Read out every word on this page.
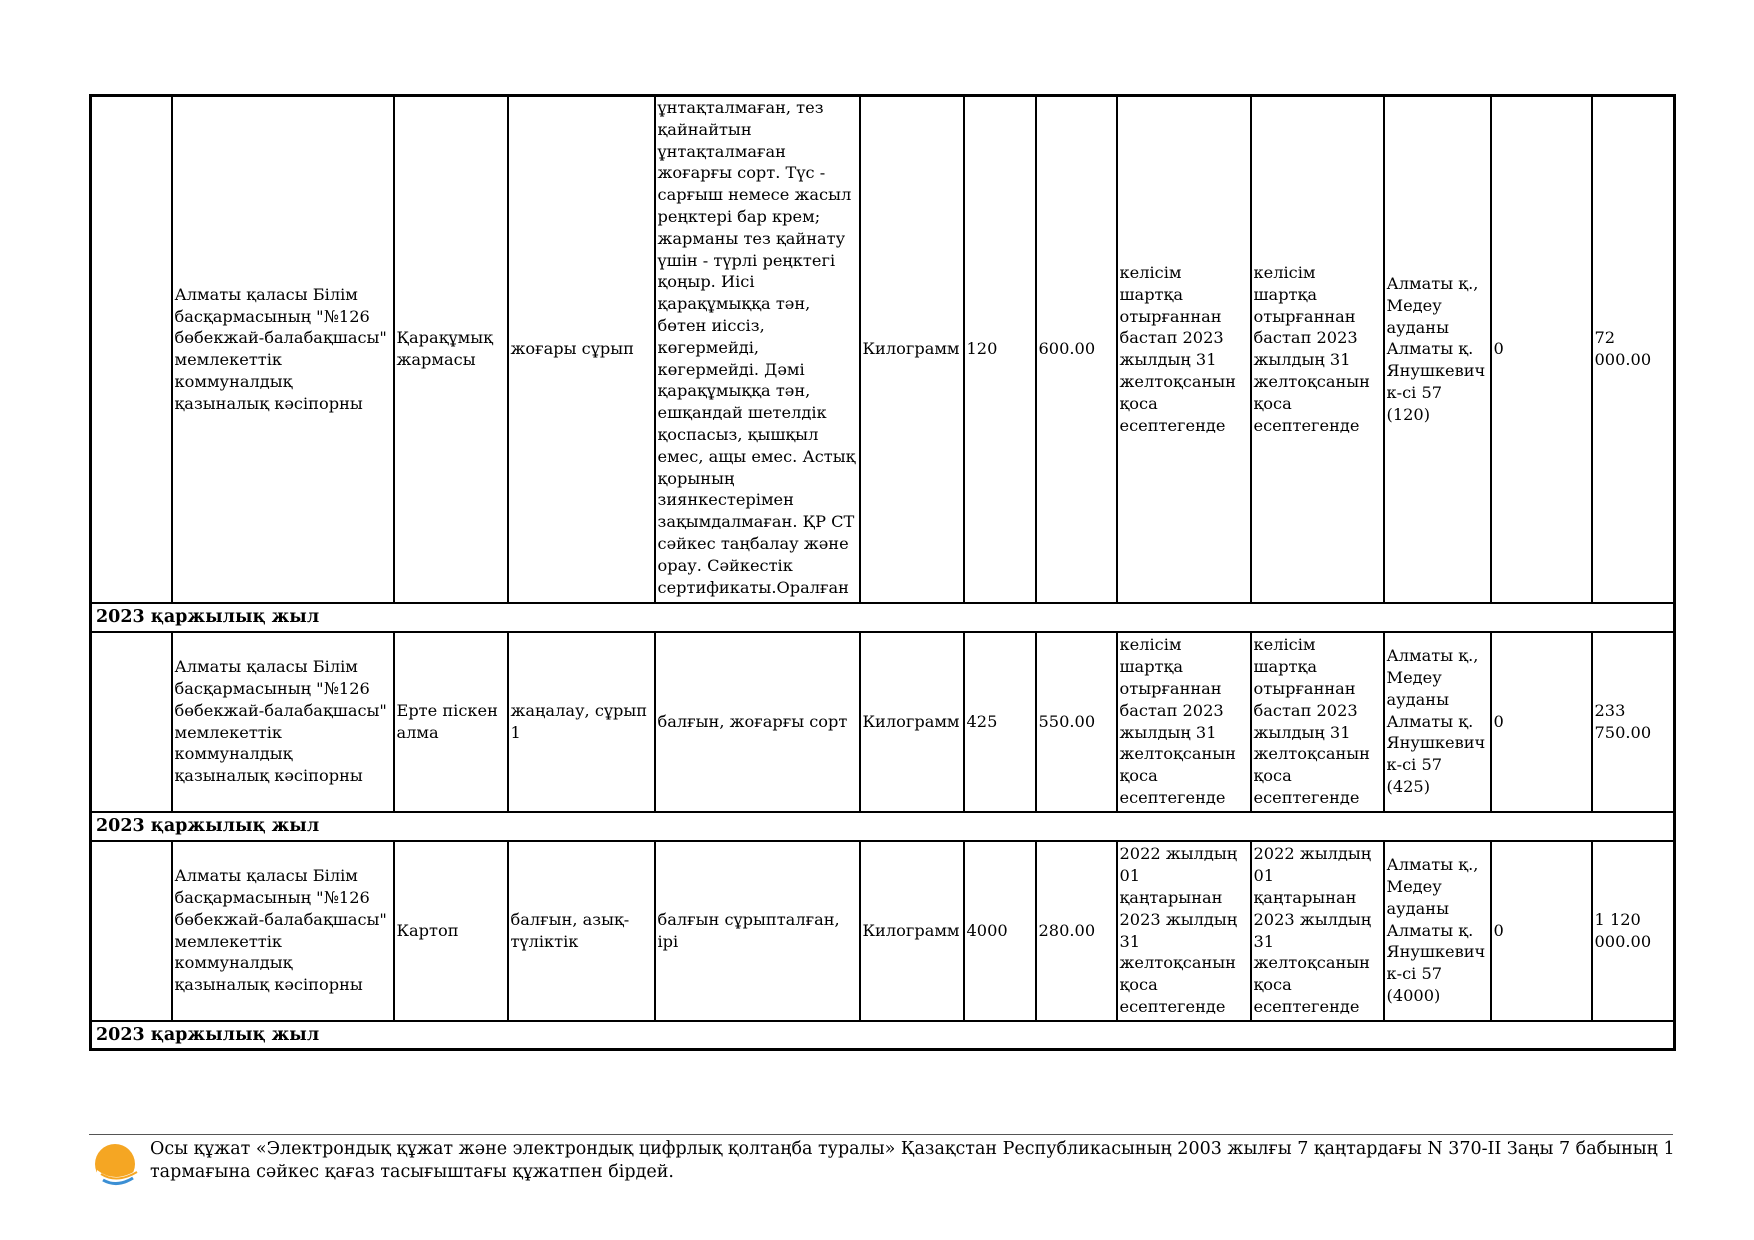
	Алматы қаласы Білім басқармасының "№126 бөбекжай-балабақшасы" мемлекеттік коммуналдық қазыналық кәсіпорны	Қарақұмық жармасы	жоғары сұрып	ұнтақталмаған, тез қайнайтын ұнтақталмаған жоғарғы сорт. Түс - сарғыш немесе жасыл реңктері бар крем; жарманы тез қайнату үшін - түрлі реңктегі қоңыр. Иісі қарақұмыққа тән, бөтен иіссіз, көгермейді, көгермейді. Дәмі қарақұмыққа тән, ешқандай шетелдік қоспасыз, қышқыл емес, ащы емес. Астық қорының зиянкестерімен зақымдалмаған. ҚР СТ сәйкес таңбалау және орау. Сәйкестік сертификаты.Оралған	Килограмм	120	600.00	келісім шартқа отырғаннан бастап 2023 жылдың 31 желтоқсанын қоса есептегенде	келісім шартқа отырғаннан бастап 2023 жылдың 31 желтоқсанын қоса есептегенде	Алматы қ., Медеу ауданы Алматы қ. Янушкевич к-сі 57 (120)	0	72 000.00
2023 қаржылық жыл												
	Алматы қаласы Білім басқармасының "№126 бөбекжай-балабақшасы" мемлекеттік коммуналдық қазыналық кәсіпорны	Ерте піскен алма	жаңалау, сұрып 1	балғын, жоғарғы сорт	Килограмм	425	550.00	келісім шартқа отырғаннан бастап 2023 жылдың 31 желтоқсанын қоса есептегенде	келісім шартқа отырғаннан бастап 2023 жылдың 31 желтоқсанын қоса есептегенде	Алматы қ., Медеу ауданы Алматы қ. Янушкевич к-сі 57 (425)	0	233 750.00
2023 қаржылық жыл												
	Алматы қаласы Білім басқармасының "№126 бөбекжай-балабақшасы" мемлекеттік коммуналдық қазыналық кәсіпорны	Картоп	балғын, азық-түліктік	балғын сұрыпталған, ірі	Килограмм	4000	280.00	2022 жылдың 01 қаңтарынан 2023 жылдың 31 желтоқсанын қоса есептегенде	2022 жылдың 01 қаңтарынан 2023 жылдың 31 желтоқсанын қоса есептегенде	Алматы қ., Медеу ауданы Алматы қ. Янушкевич к-сі 57 (4000)	0	1 120 000.00
2023 қаржылық жыл												
Осы құжат «Электрондық құжат және электрондық цифрлық қолтаңба туралы» Қазақстан Республикасының 2003 жылғы 7 қаңтардағы N 370-II Заңы 7 бабының 1 тармағына сәйкес қағаз тасығыштағы құжатпен бірдей.
